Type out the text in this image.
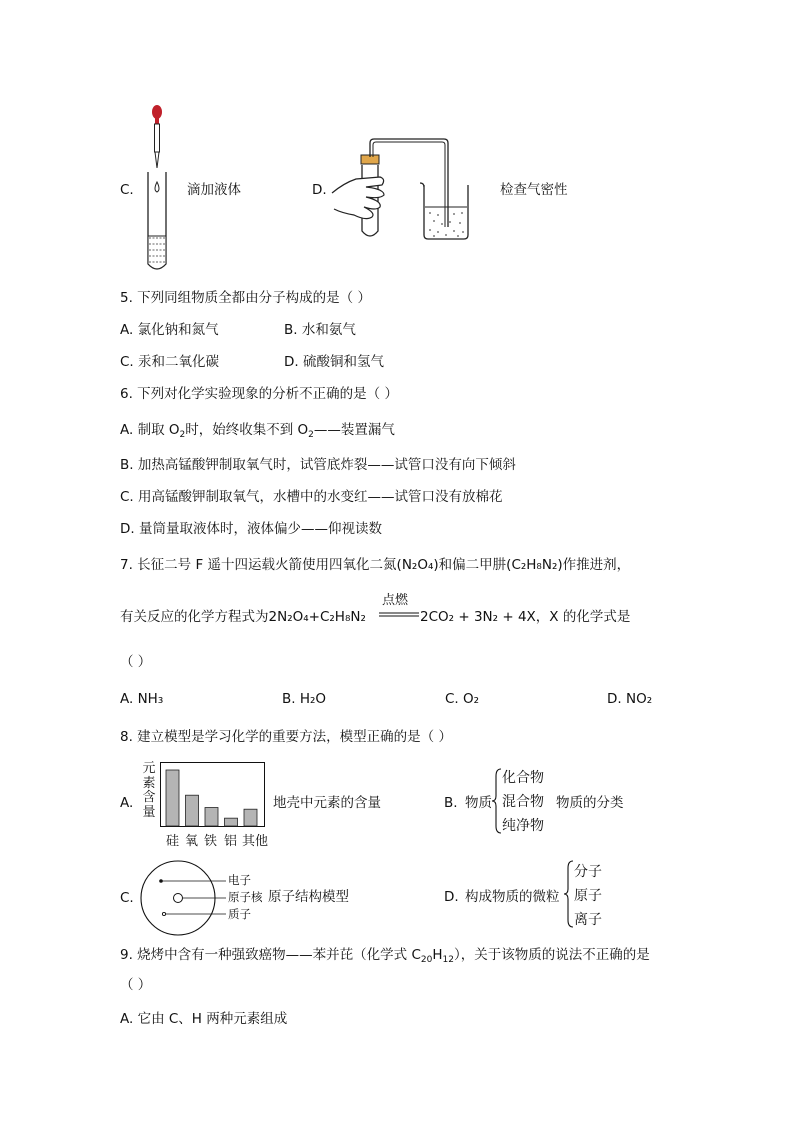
C.	滴加液体	D.	检查气密性
5. 下列同组物质全都由分子构成的是（ ）
A. 氯化钠和氮气	B. 水和氨气
C. 汞和二氧化碳	D. 硫酸铜和氢气
6. 下列对化学实验现象的分析不正确的是（ ）
A. 制取 $O_2$时，始终收集不到 $O_2——$装置漏气
B. 加热高锰酸钾制取氧气时，试管底炸裂——试管口没有向下倾斜
C. 用高锰酸钾制取氧气，水槽中的水变红——试管口没有放棉花
D. 量筒量取液体时，液体偏少——仰视读数
7. 长征二号 F 遥十四运载火箭使用四氧化二氮(N₂O₄)和偏二甲肼(C₂H₈N₂)作推进剂，
有关反应的化学方程式为2N₂O₄+C₂H₈N₂
点燃
2CO₂ + 3N₂ + 4X，X 的化学式是
（ ）
A. NH₃	B. H₂O	C. O₂	D. NO₂
8. 建立模型是学习化学的重要方法，模型正确的是（ ）
A.
元
素
含
量
硅 氧 铁 铝 其他
地壳中元素的含量	B. 物质
化合物
混合物
纯净物
物质的分类
C.
电子
原子核
质子
原子结构模型	D. 构成物质的微粒
分子
原子
离子
9. 烧烤中含有一种强致癌物——苯并芘（化学式 $C_{20}H_{12}$），关于该物质的说法不正确的是
（ ）
A. 它由 C、H 两种元素组成
